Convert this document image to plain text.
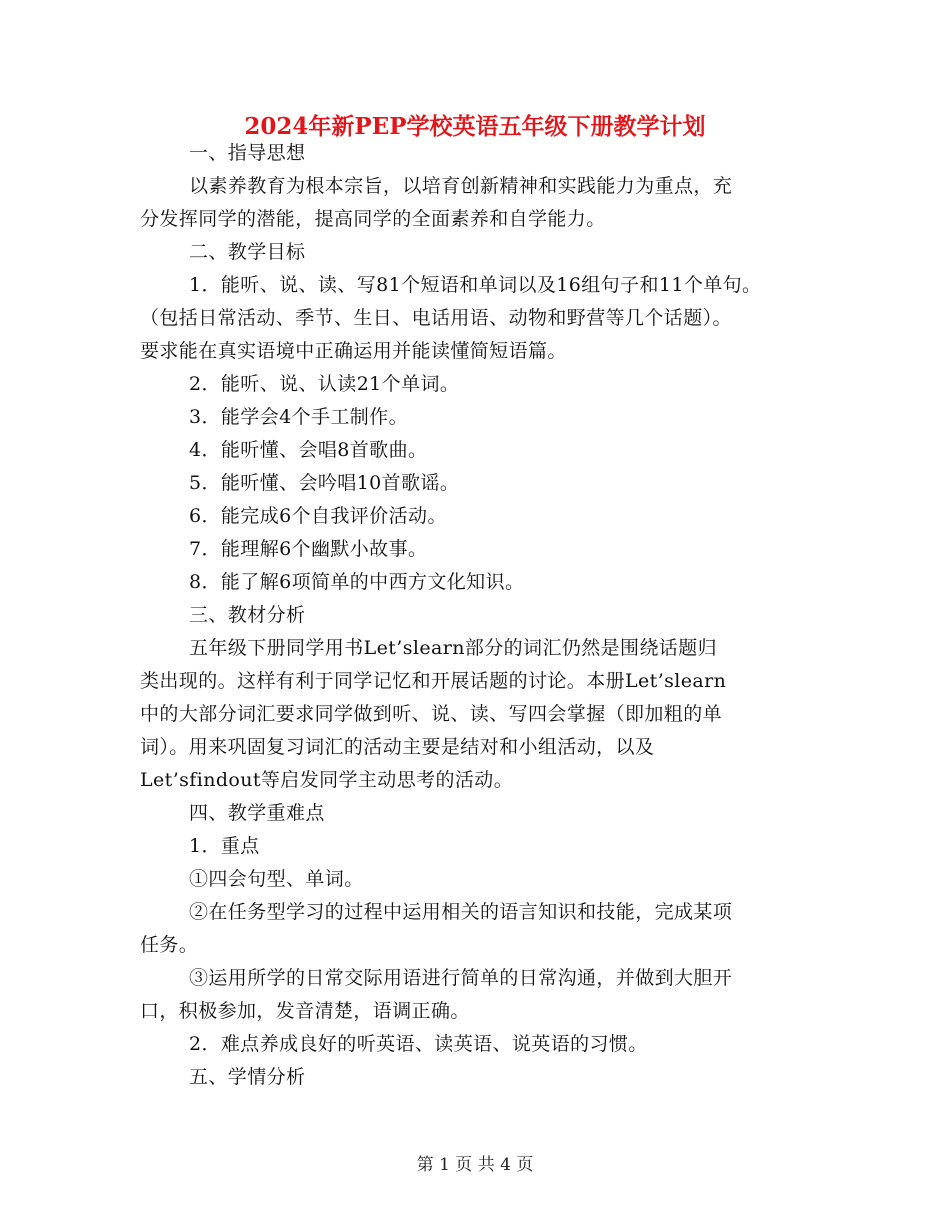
2024年新PEP学校英语五年级下册教学计划
一、指导思想
以素养教育为根本宗旨，以培育创新精神和实践能力为重点，充
分发挥同学的潜能，提高同学的全面素养和自学能力。
二、教学目标
1．能听、说、读、写81个短语和单词以及16组句子和11个单句。
（包括日常活动、季节、生日、电话用语、动物和野营等几个话题）。
要求能在真实语境中正确运用并能读懂简短语篇。
2．能听、说、认读21个单词。
3．能学会4个手工制作。
4．能听懂、会唱8首歌曲。
5．能听懂、会吟唱10首歌谣。
6．能完成6个自我评价活动。
7．能理解6个幽默小故事。
8．能了解6项简单的中西方文化知识。
三、教材分析
五年级下册同学用书Let’slearn部分的词汇仍然是围绕话题归
类出现的。这样有利于同学记忆和开展话题的讨论。本册Let’slearn
中的大部分词汇要求同学做到听、说、读、写四会掌握（即加粗的单
词）。用来巩固复习词汇的活动主要是结对和小组活动，以及
Let’sfindout等启发同学主动思考的活动。
四、教学重难点
1．重点
①四会句型、单词。
②在任务型学习的过程中运用相关的语言知识和技能，完成某项
任务。
③运用所学的日常交际用语进行简单的日常沟通，并做到大胆开
口，积极参加，发音清楚，语调正确。
2．难点养成良好的听英语、读英语、说英语的习惯。
五、学情分析
第 1 页 共 4 页
